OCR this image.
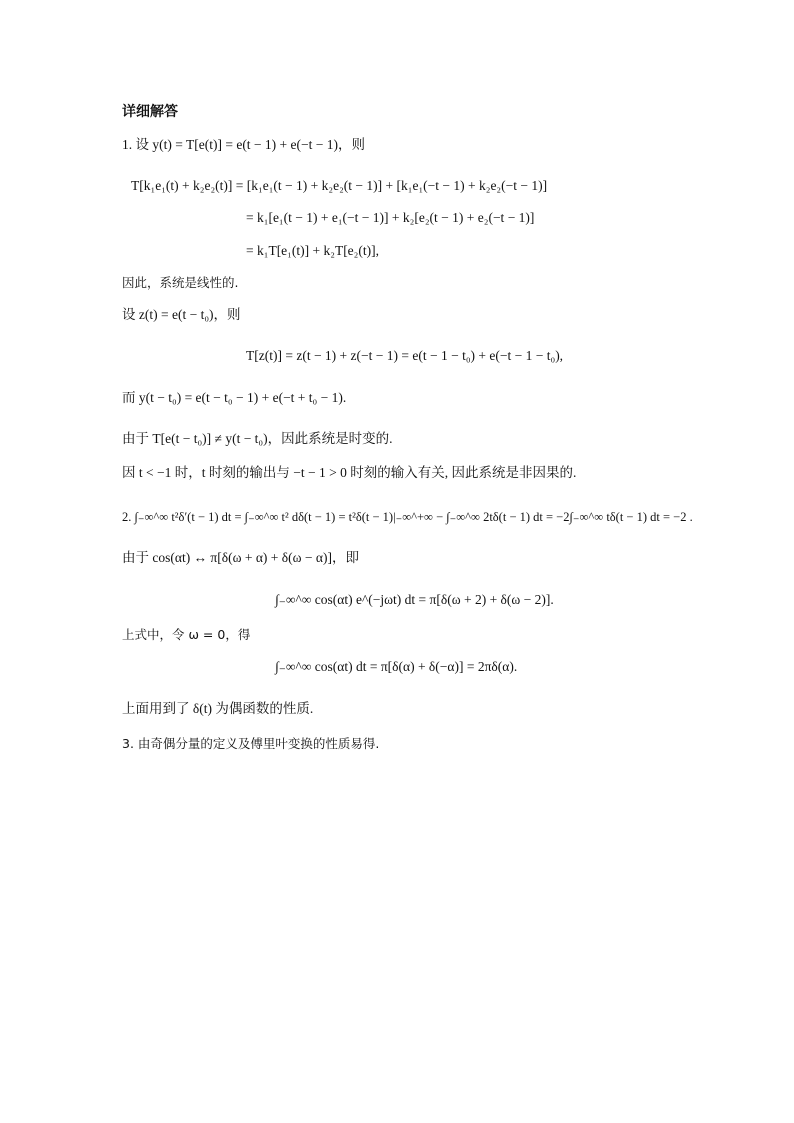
详细解答
1. 设 y(t) = T[e(t)] = e(t − 1) + e(−t − 1)，则
T[k₁e₁(t) + k₂e₂(t)] = [k₁e₁(t − 1) + k₂e₂(t − 1)] + [k₁e₁(−t − 1) + k₂e₂(−t − 1)]
= k₁[e₁(t − 1) + e₁(−t − 1)] + k₂[e₂(t − 1) + e₂(−t − 1)]
= k₁T[e₁(t)] + k₂T[e₂(t)],
因此，系统是线性的.
设 z(t) = e(t − t₀)，则
T[z(t)] = z(t − 1) + z(−t − 1) = e(t − 1 − t₀) + e(−t − 1 − t₀),
而 y(t − t₀) = e(t − t₀ − 1) + e(−t + t₀ − 1).
由于 T[e(t − t₀)] ≠ y(t − t₀)，因此系统是时变的.
因 t < −1 时，t 时刻的输出与 −t − 1 > 0 时刻的输入有关, 因此系统是非因果的.
2. ∫₋∞^∞ t²δ′(t − 1) dt = ∫₋∞^∞ t² dδ(t − 1) = t²δ(t − 1)|₋∞^+∞ − ∫₋∞^∞ 2tδ(t − 1) dt = −2∫₋∞^∞ tδ(t − 1) dt = −2 .
由于 cos(αt) ↔ π[δ(ω + α) + δ(ω − α)]，即
∫₋∞^∞ cos(αt) e^(−jωt) dt = π[δ(ω + 2) + δ(ω − 2)].
上式中，令 ω = 0，得
∫₋∞^∞ cos(αt) dt = π[δ(α) + δ(−α)] = 2πδ(α).
上面用到了 δ(t) 为偶函数的性质.
3. 由奇偶分量的定义及傅里叶变换的性质易得.
